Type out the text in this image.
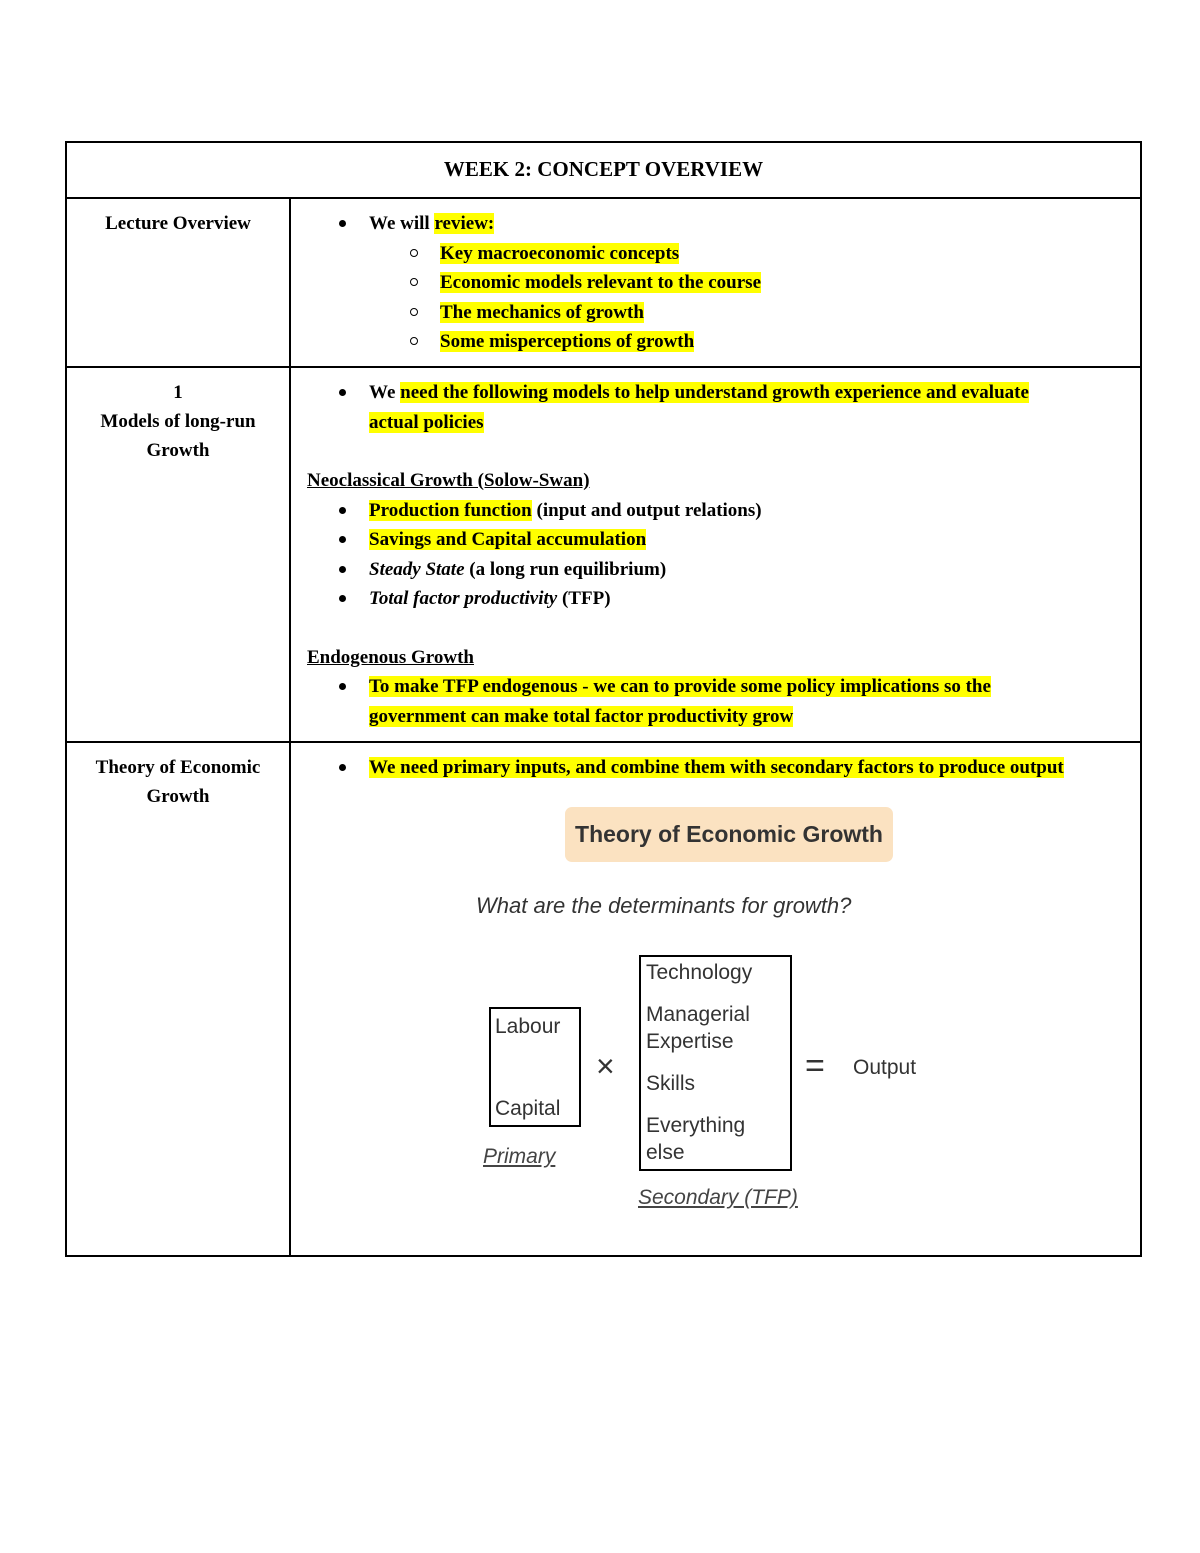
WEEK 2: CONCEPT OVERVIEW
Lecture Overview	We will review:
Key macroeconomic concepts
Economic models relevant to the course
The mechanics of growth
Some misperceptions of growth
1
Models of long-run
Growth
We need the following models to help understand growth experience and evaluate
actual policies
Neoclassical Growth (Solow-Swan)
Production function (input and output relations)
Savings and Capital accumulation
Steady State (a long run equilibrium)
Total factor productivity (TFP)
Endogenous Growth
To make TFP endogenous - we can to provide some policy implications so the
government can make total factor productivity grow
Theory of Economic
Growth
We need primary inputs, and combine them with secondary factors to produce output
Theory of Economic Growth
What are the determinants for growth?
Labour
Capital
Primary
×
Technology
Managerial
Expertise
Skills
Everything
else
Secondary (TFP)
= Output
